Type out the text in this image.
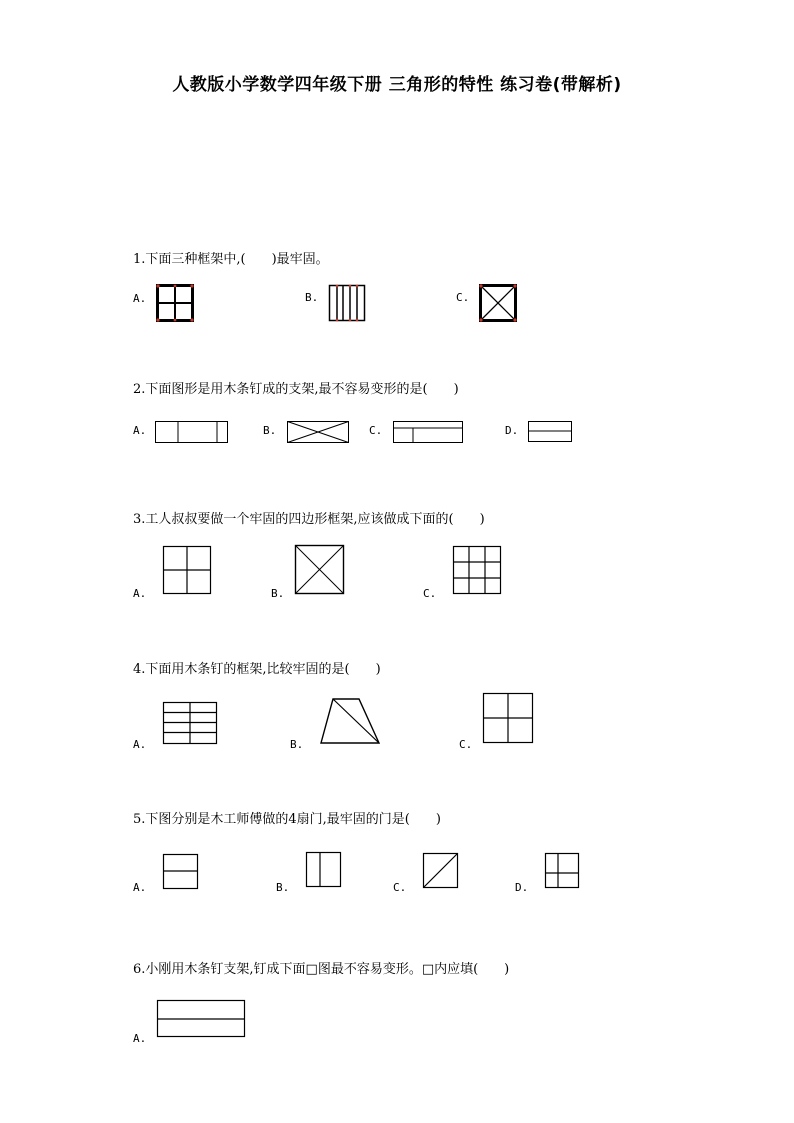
人教版小学数学四年级下册 三角形的特性 练习卷(带解析)
1.下面三种框架中,(　　)最牢固。
A.	B.	C.
2.下面图形是用木条钉成的支架,最不容易变形的是(　　)
A.	B.	C.	D.
3.工人叔叔要做一个牢固的四边形框架,应该做成下面的(　　)
A.	B.	C.
4.下面用木条钉的框架,比较牢固的是(　　)
A.	B.	C.
5.下图分别是木工师傅做的4扇门,最牢固的门是(　　)
A.	B.	C.	D.
6.小刚用木条钉支架,钉成下面□图最不容易变形。□内应填(　　)
A.
